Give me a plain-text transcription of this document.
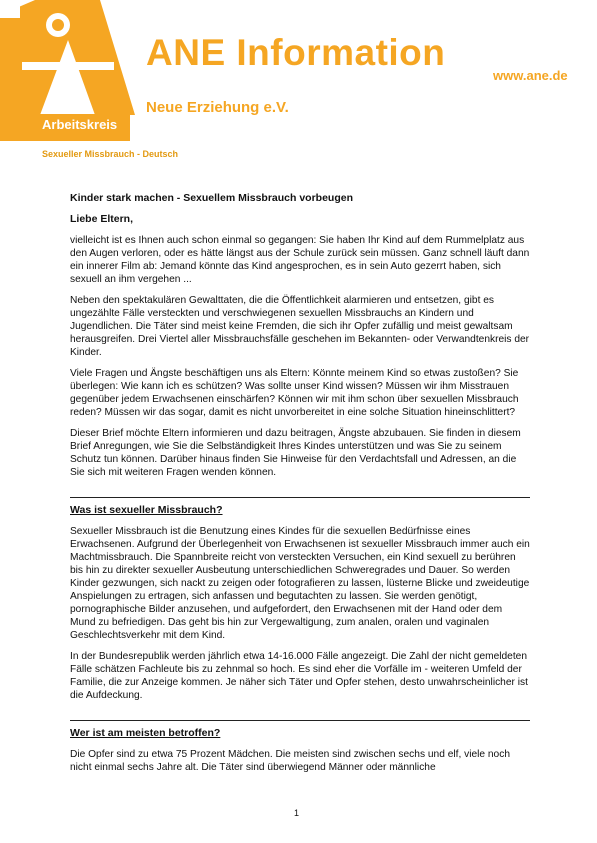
Arbeitskreis
ANE Information
Neue Erziehung e.V.
www.ane.de
Sexueller Missbrauch - Deutsch

Kinder stark machen - Sexuellem Missbrauch vorbeugen

Liebe Eltern,

vielleicht ist es Ihnen auch schon einmal so gegangen: Sie haben Ihr Kind auf dem Rummelplatz aus den Augen verloren, oder es hätte längst aus der Schule zurück sein müssen. Ganz schnell läuft dann ein innerer Film ab: Jemand könnte das Kind angesprochen, es in sein Auto gezerrt haben, sich sexuell an ihm vergehen ...

Neben den spektakulären Gewalttaten, die die Öffentlichkeit alarmieren und entsetzen, gibt es ungezählte Fälle versteckten und verschwiegenen sexuellen Missbrauchs an Kindern und Jugendlichen. Die Täter sind meist keine Fremden, die sich ihr Opfer zufällig und meist gewaltsam herausgreifen. Drei Viertel aller Missbrauchsfälle geschehen im Bekannten- oder Verwandtenkreis der Kinder.

Viele Fragen und Ängste beschäftigen uns als Eltern: Könnte meinem Kind so etwas zustoßen? Sie überlegen: Wie kann ich es schützen? Was sollte unser Kind wissen? Müssen wir ihm Misstrauen gegenüber jedem Erwachsenen einschärfen? Können wir mit ihm schon über sexuellen Missbrauch reden? Müssen wir das sogar, damit es nicht unvorbereitet in eine solche Situation hineinschlittert?

Dieser Brief möchte Eltern informieren und dazu beitragen, Ängste abzubauen. Sie finden in diesem Brief Anregungen, wie Sie die Selbständigkeit Ihres Kindes unterstützen und was Sie zu seinem Schutz tun können. Darüber hinaus finden Sie Hinweise für den Verdachtsfall und Adressen, an die Sie sich mit weiteren Fragen wenden können.

Was ist sexueller Missbrauch?

Sexueller Missbrauch ist die Benutzung eines Kindes für die sexuellen Bedürfnisse eines Erwachsenen. Aufgrund der Überlegenheit von Erwachsenen ist sexueller Missbrauch immer auch ein Machtmissbrauch. Die Spannbreite reicht von versteckten Versuchen, ein Kind sexuell zu berühren bis hin zu direkter sexueller Ausbeutung unterschiedlichen Schweregrades und Dauer. So werden Kinder gezwungen, sich nackt zu zeigen oder fotografieren zu lassen, lüsterne Blicke und zweideutige Anspielungen zu ertragen, sich anfassen und begutachten zu lassen. Sie werden genötigt, pornographische Bilder anzusehen, und aufgefordert, den Erwachsenen mit der Hand oder dem Mund zu befriedigen. Das geht bis hin zur Vergewaltigung, zum analen, oralen und vaginalen Geschlechtsverkehr mit dem Kind.

In der Bundesrepublik werden jährlich etwa 14-16.000 Fälle angezeigt. Die Zahl der nicht gemeldeten Fälle schätzen Fachleute bis zu zehnmal so hoch. Es sind eher die Vorfälle im - weiteren Umfeld der Familie, die zur Anzeige kommen. Je näher sich Täter und Opfer stehen, desto unwahrscheinlicher ist die Aufdeckung.

Wer ist am meisten betroffen?

Die Opfer sind zu etwa 75 Prozent Mädchen. Die meisten sind zwischen sechs und elf, viele noch nicht einmal sechs Jahre alt. Die Täter sind überwiegend Männer oder männliche

1
